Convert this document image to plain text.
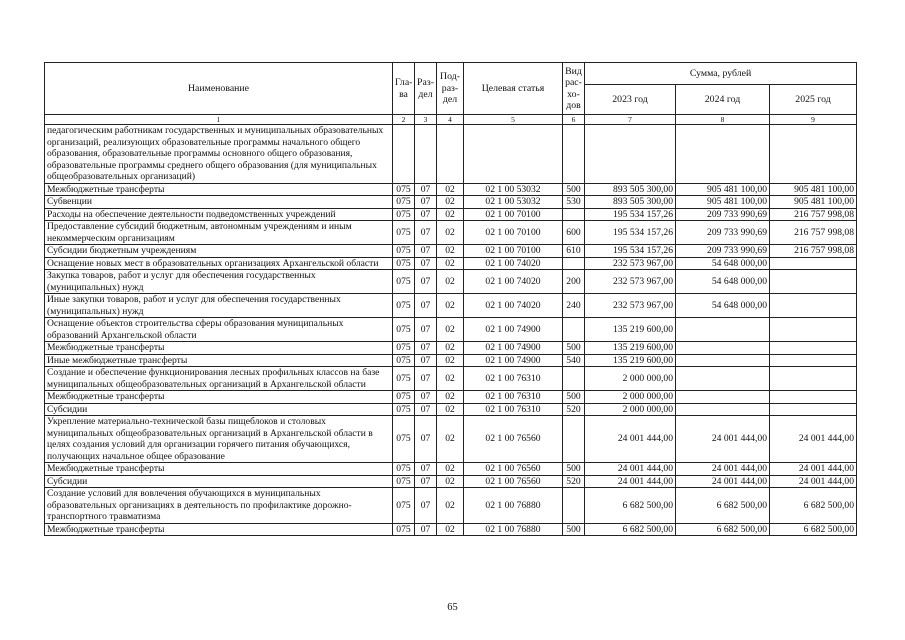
Наименование	Гла-ва	Раз-дел	Под-раз-дел	Целевая статья	Вид рас-хо-дов	Сумма, рублей		
						2023 год	2024 год	2025 год
1	2	3	4	5	6	7	8	9
педагогическим работникам государственных и муниципальных образовательных организаций, реализующих образовательные программы начального общего образования, образовательные программы основного общего образования, образовательные программы среднего общего образования (для муниципальных общеобразовательных организаций)								
Межбюджетные трансферты	075	07	02	02 1 00 53032	500	893 505 300,00	905 481 100,00	905 481 100,00
Субвенции	075	07	02	02 1 00 53032	530	893 505 300,00	905 481 100,00	905 481 100,00
Расходы на обеспечение деятельности подведомственных учреждений	075	07	02	02 1 00 70100		195 534 157,26	209 733 990,69	216 757 998,08
Предоставление субсидий бюджетным, автономным учреждениям и иным некоммерческим организациям	075	07	02	02 1 00 70100	600	195 534 157,26	209 733 990,69	216 757 998,08
Субсидии бюджетным учреждениям	075	07	02	02 1 00 70100	610	195 534 157,26	209 733 990,69	216 757 998,08
Оснащение новых мест в образовательных организациях Архангельской области	075	07	02	02 1 00 74020		232 573 967,00	54 648 000,00	
Закупка товаров, работ и услуг для обеспечения государственных (муниципальных) нужд	075	07	02	02 1 00 74020	200	232 573 967,00	54 648 000,00	
Иные закупки товаров, работ и услуг для обеспечения государственных (муниципальных) нужд	075	07	02	02 1 00 74020	240	232 573 967,00	54 648 000,00	
Оснащение объектов строительства сферы образования муниципальных образований Архангельской области	075	07	02	02 1 00 74900		135 219 600,00		
Межбюджетные трансферты	075	07	02	02 1 00 74900	500	135 219 600,00		
Иные межбюджетные трансферты	075	07	02	02 1 00 74900	540	135 219 600,00		
Создание и обеспечение функционирования лесных профильных классов на базе муниципальных общеобразовательных организаций в Архангельской области	075	07	02	02 1 00 76310		2 000 000,00		
Межбюджетные трансферты	075	07	02	02 1 00 76310	500	2 000 000,00		
Субсидии	075	07	02	02 1 00 76310	520	2 000 000,00		
Укрепление материально-технической базы пищеблоков и столовых муниципальных общеобразовательных организаций в Архангельской области в целях создания условий для организации горячего питания обучающихся, получающих начальное общее образование	075	07	02	02 1 00 76560		24 001 444,00	24 001 444,00	24 001 444,00
Межбюджетные трансферты	075	07	02	02 1 00 76560	500	24 001 444,00	24 001 444,00	24 001 444,00
Субсидии	075	07	02	02 1 00 76560	520	24 001 444,00	24 001 444,00	24 001 444,00
Создание условий для вовлечения обучающихся в муниципальных образовательных организациях в деятельность по профилактике дорожно-транспортного травматизма	075	07	02	02 1 00 76880		6 682 500,00	6 682 500,00	6 682 500,00
Межбюджетные трансферты	075	07	02	02 1 00 76880	500	6 682 500,00	6 682 500,00	6 682 500,00
65
